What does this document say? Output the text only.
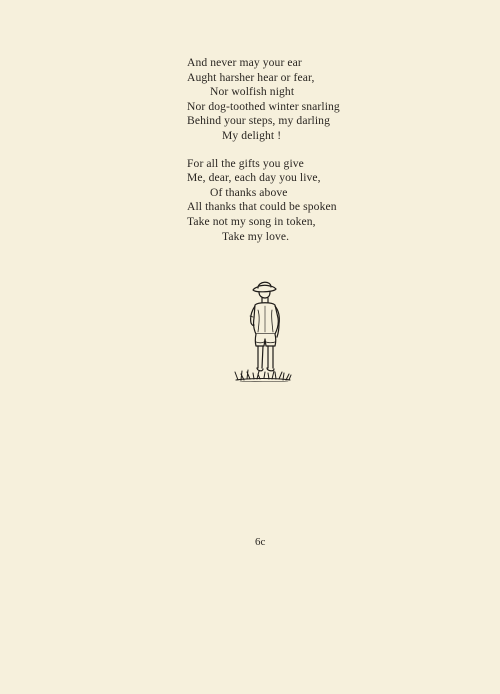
And never may your ear
Aught harsher hear or fear,
Nor wolfish night
Nor dog-toothed winter snarling
Behind your steps, my darling
My delight !

For all the gifts you give
Me, dear, each day you live,
Of thanks above
All thanks that could be spoken
Take not my song in token,
Take my love.

6c
